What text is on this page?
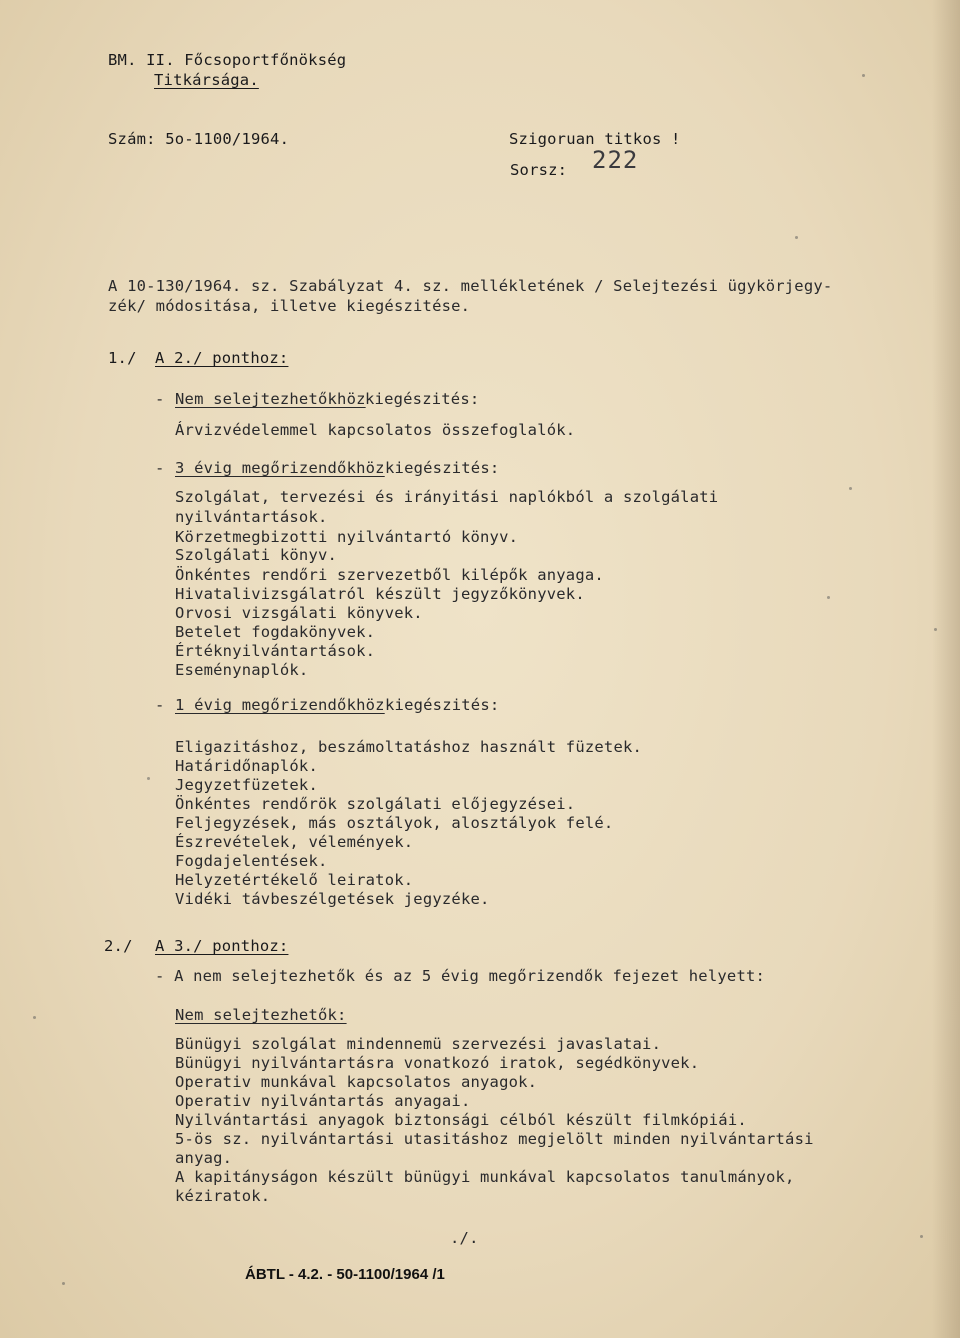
BM. II. Főcsoportfőnökség
Titkársága.
Szám: 5o-1100/1964.	Szigoruan titkos !
Sorsz: 222
A 10-130/1964. sz. Szabályzat 4. sz. mellékletének / Selejtezési ügykörjegy-
zék/ módositása, illetve kiegészitése.
1./ A 2./ ponthoz:
- Nem selejtezhetőkhöz kiegészités:
Árvizvédelemmel kapcsolatos összefoglalók.
- 3 évig megőrizendőkhöz kiegészités:
Szolgálat, tervezési és irányitási naplókból a szolgálati
nyilvántartások.
Körzetmegbizotti nyilvántartó könyv.
Szolgálati könyv.
Önkéntes rendőri szervezetből kilépők anyaga.
Hivatalivizsgálatról készült jegyzőkönyvek.
Orvosi vizsgálati könyvek.
Betelet fogdakönyvek.
Értéknyilvántartások.
Eseménynaplók.
- 1 évig megőrizendőkhöz kiegészités:
Eligazitáshoz, beszámoltatáshoz használt füzetek.
Határidőnaplók.
Jegyzetfüzetek.
Önkéntes rendőrök szolgálati előjegyzései.
Feljegyzések, más osztályok, alosztályok felé.
Észrevételek, vélemények.
Fogdajelentések.
Helyzetértékelő leiratok.
Vidéki távbeszélgetések jegyzéke.
2./ A 3./ ponthoz:
- A nem selejtezhetők és az 5 évig megőrizendők fejezet helyett:
Nem selejtezhetők:
Bünügyi szolgálat mindennemü szervezési javaslatai.
Bünügyi nyilvántartásra vonatkozó iratok, segédkönyvek.
Operativ munkával kapcsolatos anyagok.
Operativ nyilvántartás anyagai.
Nyilvántartási anyagok biztonsági célból készült filmkópiái.
5-ös sz. nyilvántartási utasitáshoz megjelölt minden nyilvántartási
anyag.
A kapitányságon készült bünügyi munkával kapcsolatos tanulmányok,
kéziratok.
./.
ÁBTL - 4.2. - 50-1100/1964 /1
